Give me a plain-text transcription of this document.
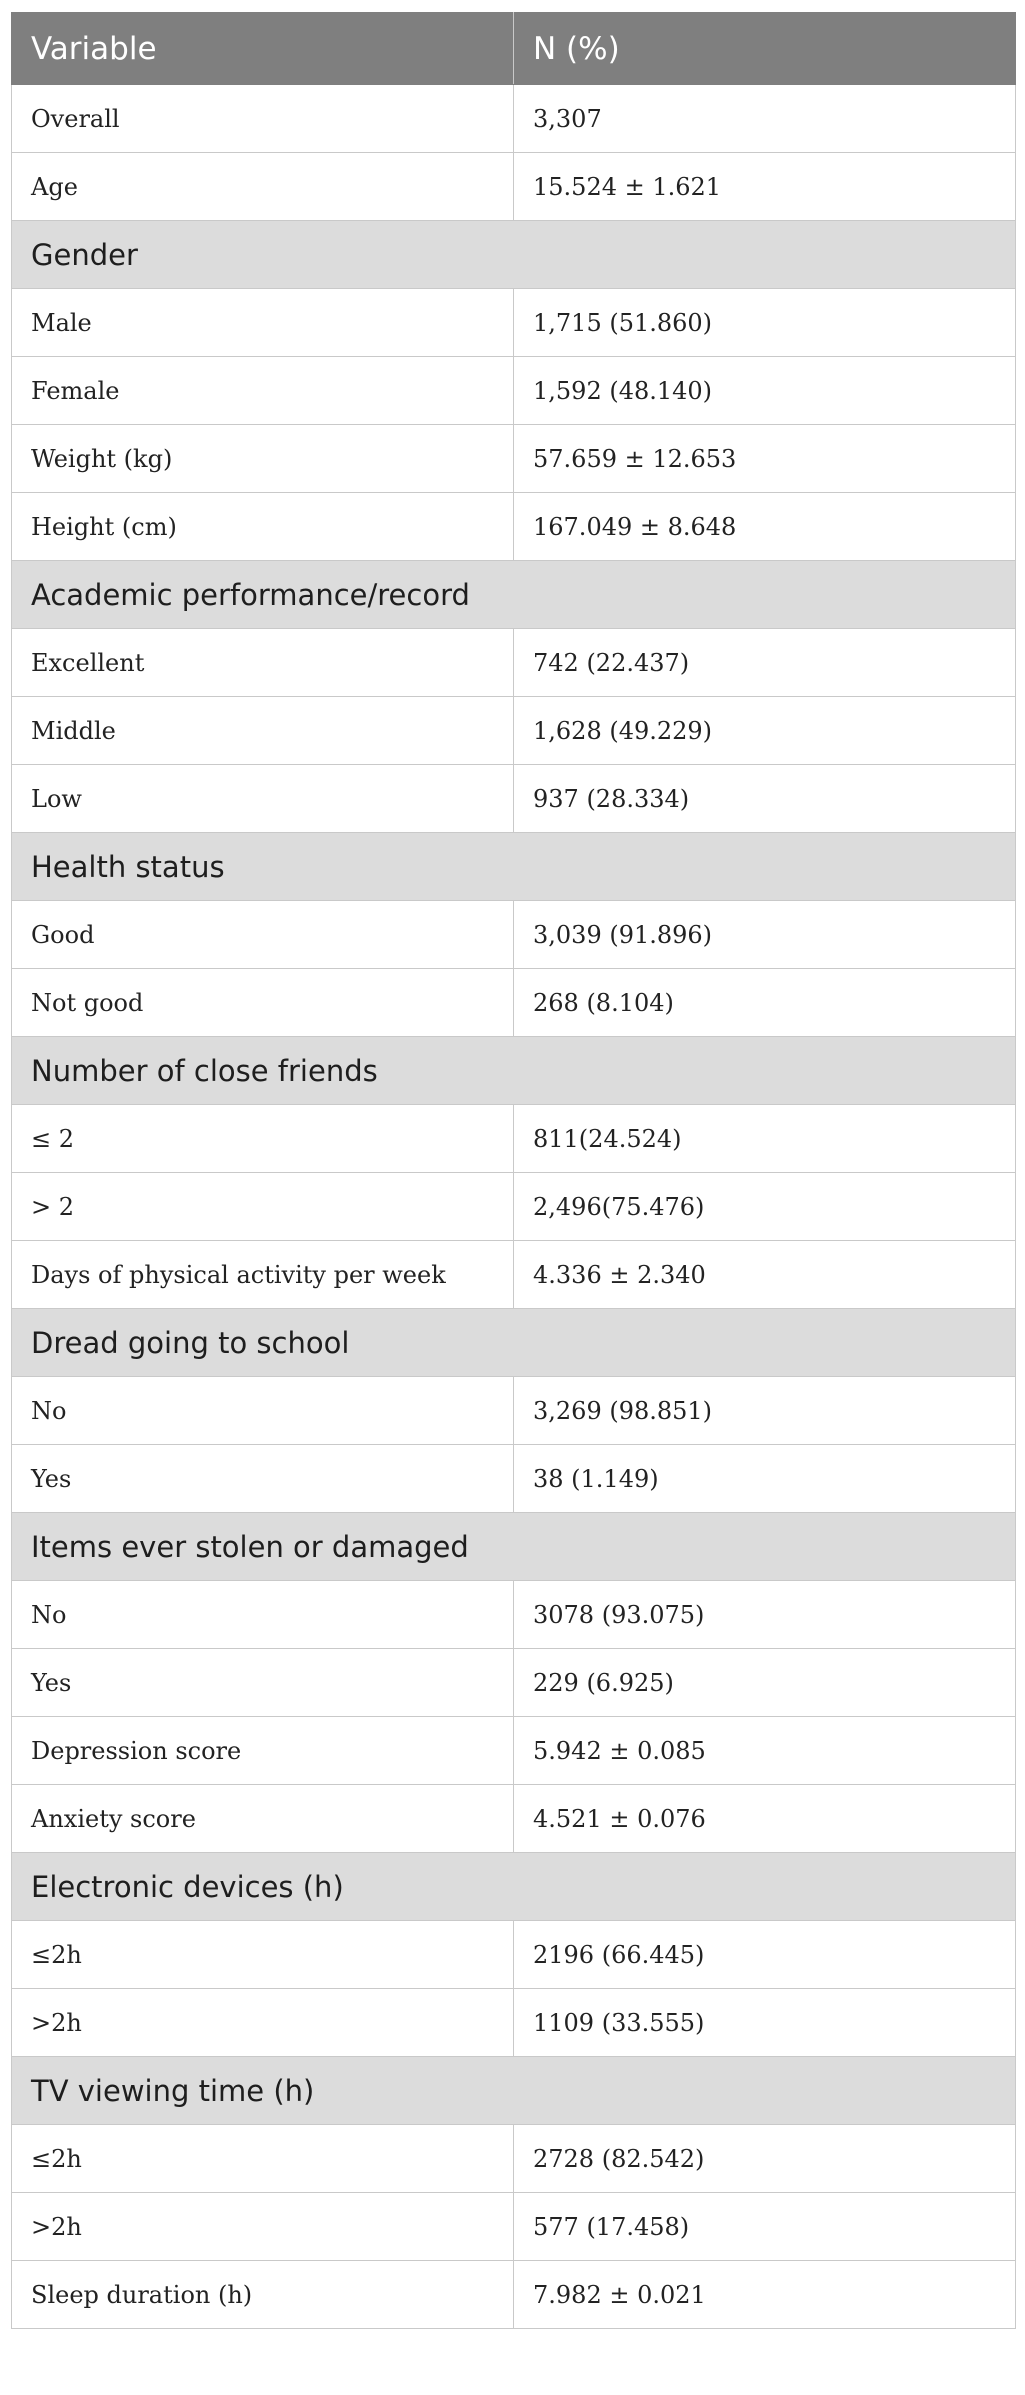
Variable	N (%)
Overall	3,307
Age	15.524 ± 1.621
Gender	
Male	1,715 (51.860)
Female	1,592 (48.140)
Weight (kg)	57.659 ± 12.653
Height (cm)	167.049 ± 8.648
Academic performance/record	
Excellent	742 (22.437)
Middle	1,628 (49.229)
Low	937 (28.334)
Health status	
Good	3,039 (91.896)
Not good	268 (8.104)
Number of close friends	
≤ 2	811(24.524)
> 2	2,496(75.476)
Days of physical activity per week	4.336 ± 2.340
Dread going to school	
No	3,269 (98.851)
Yes	38 (1.149)
Items ever stolen or damaged	
No	3078 (93.075)
Yes	229 (6.925)
Depression score	5.942 ± 0.085
Anxiety score	4.521 ± 0.076
Electronic devices (h)	
≤2h	2196 (66.445)
>2h	1109 (33.555)
TV viewing time (h)	
≤2h	2728 (82.542)
>2h	577 (17.458)
Sleep duration (h)	7.982 ± 0.021
